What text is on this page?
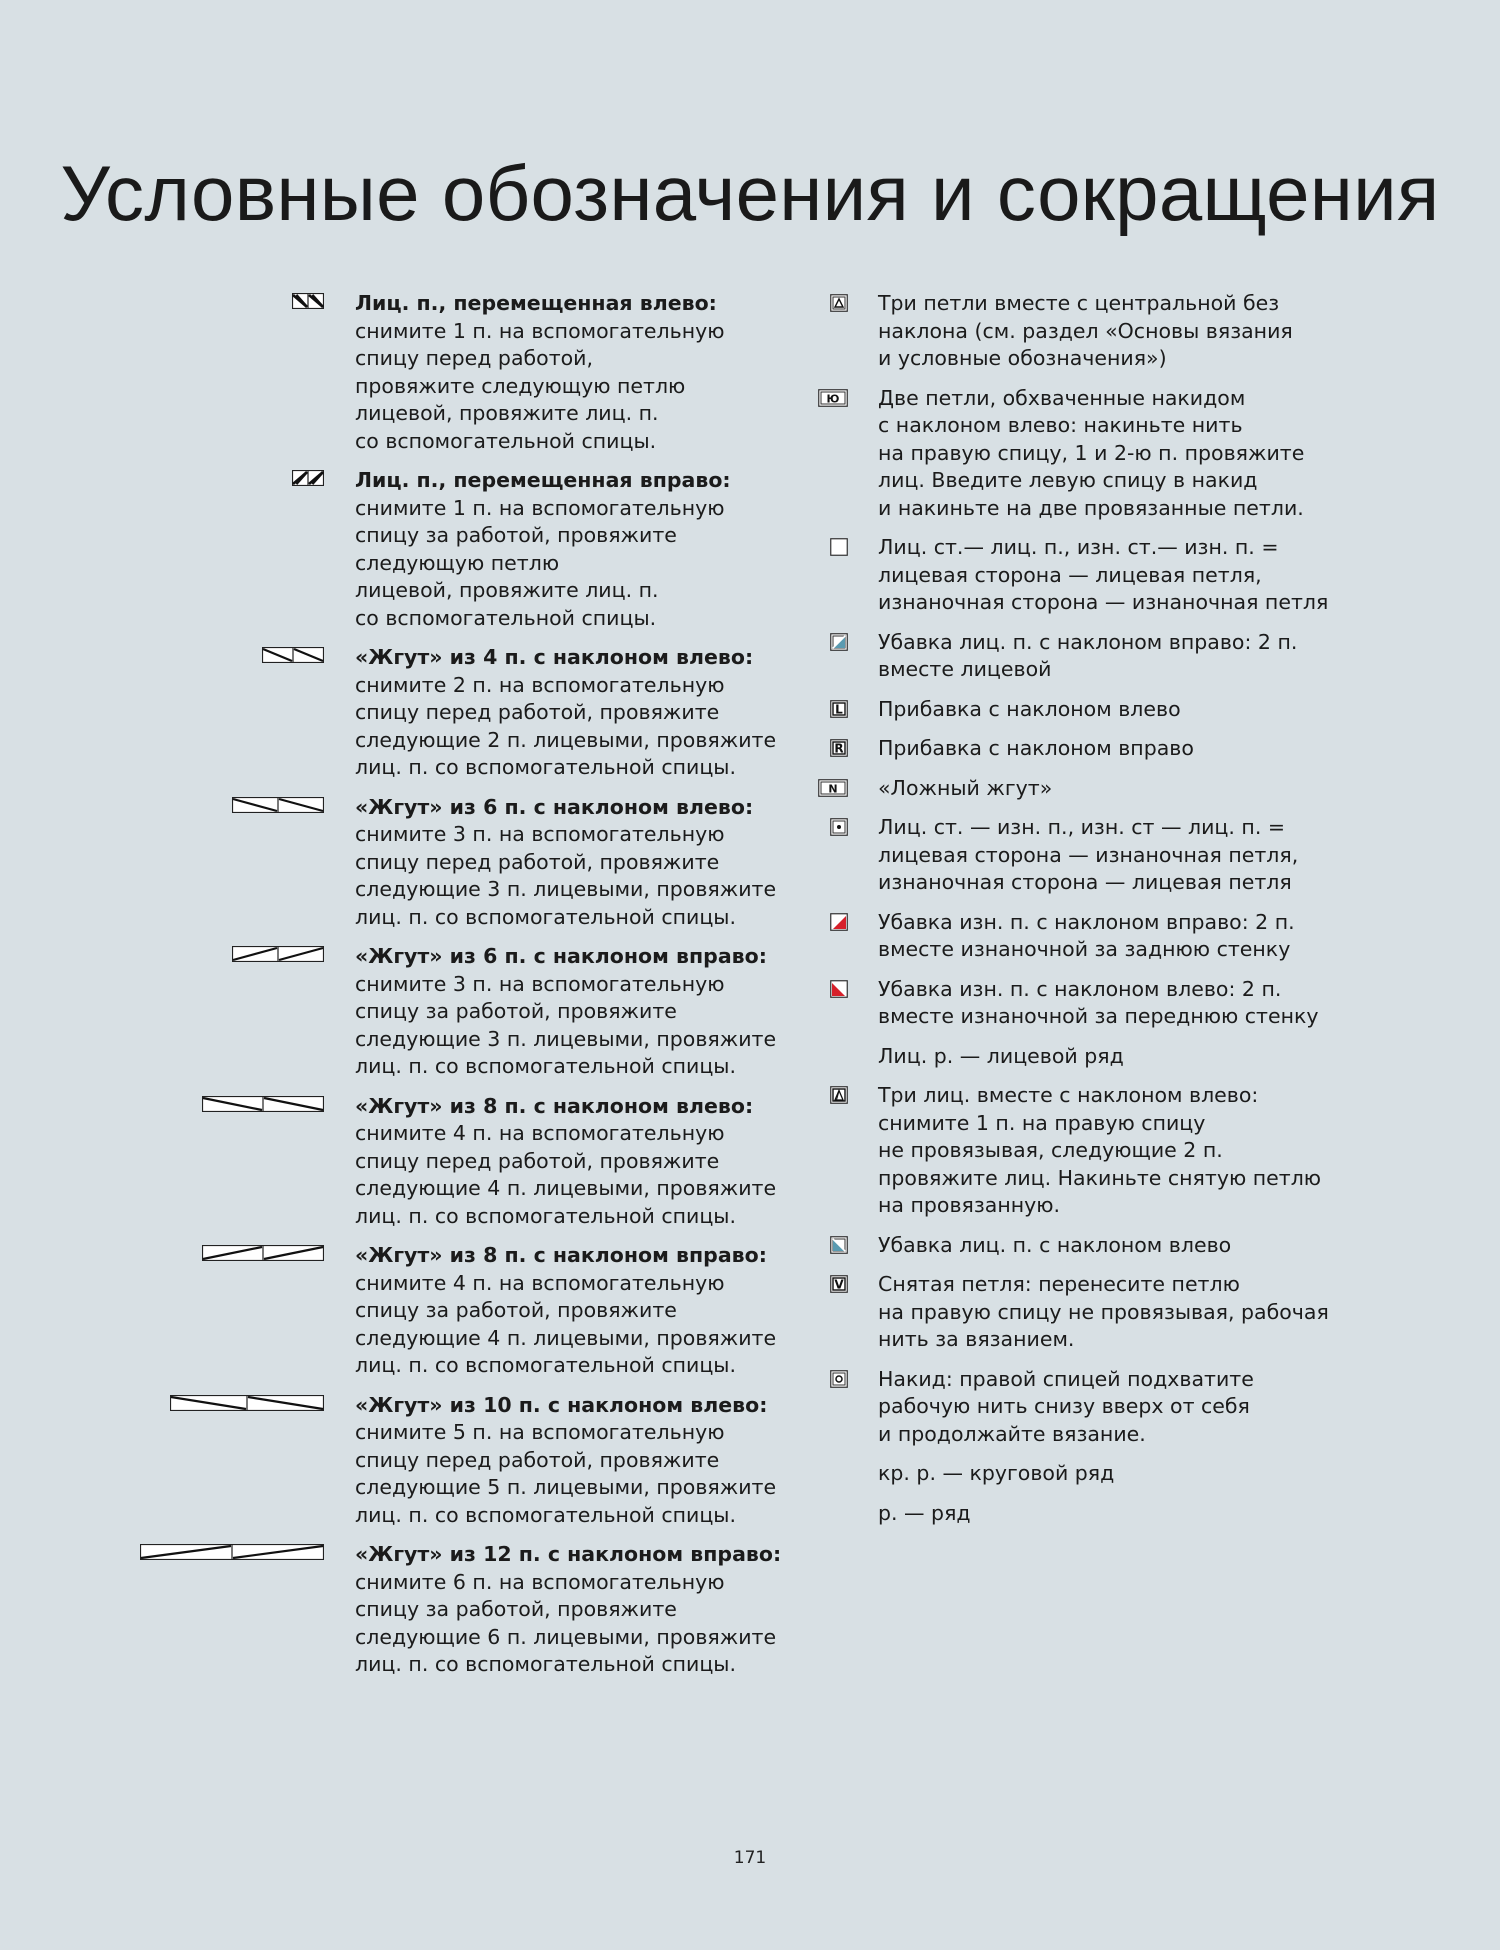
Условные обозначения и сокращения
Лиц. п., перемещенная влево:
снимите 1 п. на вспомогательную
спицу перед работой,
провяжите следующую петлю
лицевой, провяжите лиц. п.
со вспомогательной спицы.
Лиц. п., перемещенная вправо:
снимите 1 п. на вспомогательную
спицу за работой, провяжите
следующую петлю
лицевой, провяжите лиц. п.
со вспомогательной спицы.
«Жгут» из 4 п. с наклоном влево:
снимите 2 п. на вспомогательную
спицу перед работой, провяжите
следующие 2 п. лицевыми, провяжите
лиц. п. со вспомогательной спицы.
«Жгут» из 6 п. с наклоном влево:
снимите 3 п. на вспомогательную
спицу перед работой, провяжите
следующие 3 п. лицевыми, провяжите
лиц. п. со вспомогательной спицы.
«Жгут» из 6 п. с наклоном вправо:
снимите 3 п. на вспомогательную
спицу за работой, провяжите
следующие 3 п. лицевыми, провяжите
лиц. п. со вспомогательной спицы.
«Жгут» из 8 п. с наклоном влево:
снимите 4 п. на вспомогательную
спицу перед работой, провяжите
следующие 4 п. лицевыми, провяжите
лиц. п. со вспомогательной спицы.
«Жгут» из 8 п. с наклоном вправо:
снимите 4 п. на вспомогательную
спицу за работой, провяжите
следующие 4 п. лицевыми, провяжите
лиц. п. со вспомогательной спицы.
«Жгут» из 10 п. с наклоном влево:
снимите 5 п. на вспомогательную
спицу перед работой, провяжите
следующие 5 п. лицевыми, провяжите
лиц. п. со вспомогательной спицы.
«Жгут» из 12 п. с наклоном вправо:
снимите 6 п. на вспомогательную
спицу за работой, провяжите
следующие 6 п. лицевыми, провяжите
лиц. п. со вспомогательной спицы.
Три петли вместе с центральной без
наклона (см. раздел «Основы вязания
и условные обозначения»)
Ю Две петли, обхваченные накидом
с наклоном влево: накиньте нить
на правую спицу, 1 и 2-ю п. провяжите
лиц. Введите левую спицу в накид
и накиньте на две провязанные петли.
Лиц. ст.— лиц. п., изн. ст.— изн. п. =
лицевая сторона — лицевая петля,
изнаночная сторона — изнаночная петля
Убавка лиц. п. с наклоном вправо: 2 п.
вместе лицевой
L Прибавка с наклоном влево
R Прибавка с наклоном вправо
N «Ложный жгут»
Лиц. ст. — изн. п., изн. ст — лиц. п. =
лицевая сторона — изнаночная петля,
изнаночная сторона — лицевая петля
Убавка изн. п. с наклоном вправо: 2 п.
вместе изнаночной за заднюю стенку
Убавка изн. п. с наклоном влево: 2 п.
вместе изнаночной за переднюю стенку
Лиц. р. — лицевой ряд
Три лиц. вместе с наклоном влево:
снимите 1 п. на правую спицу
не провязывая, следующие 2 п.
провяжите лиц. Накиньте снятую петлю
на провязанную.
Убавка лиц. п. с наклоном влево
V Снятая петля: перенесите петлю
на правую спицу не провязывая, рабочая
нить за вязанием.
Накид: правой спицей подхватите
рабочую нить снизу вверх от себя
и продолжайте вязание.
кр. р. — круговой ряд
р. — ряд
171
